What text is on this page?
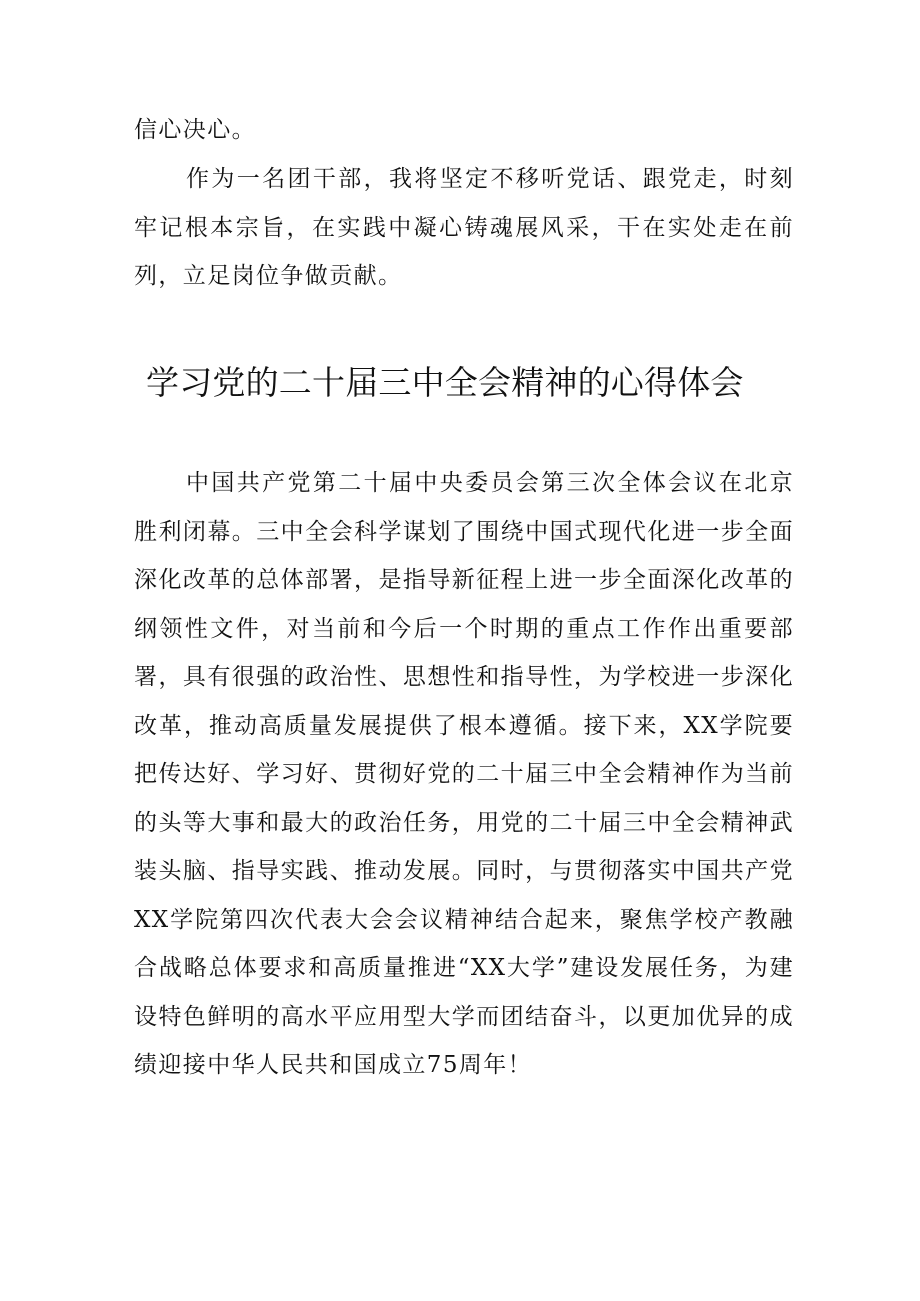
信心决心。

作为一名团干部，我将坚定不移听党话、跟党走，时刻牢记根本宗旨，在实践中凝心铸魂展风采，干在实处走在前列，立足岗位争做贡献。

学习党的二十届三中全会精神的心得体会

中国共产党第二十届中央委员会第三次全体会议在北京胜利闭幕。三中全会科学谋划了围绕中国式现代化进一步全面深化改革的总体部署，是指导新征程上进一步全面深化改革的纲领性文件，对当前和今后一个时期的重点工作作出重要部署，具有很强的政治性、思想性和指导性，为学校进一步深化改革，推动高质量发展提供了根本遵循。接下来，XX学院要把传达好、学习好、贯彻好党的二十届三中全会精神作为当前的头等大事和最大的政治任务，用党的二十届三中全会精神武装头脑、指导实践、推动发展。同时，与贯彻落实中国共产党XX学院第四次代表大会会议精神结合起来，聚焦学校产教融合战略总体要求和高质量推进“XX大学”建设发展任务，为建设特色鲜明的高水平应用型大学而团结奋斗，以更加优异的成绩迎接中华人民共和国成立75周年！
